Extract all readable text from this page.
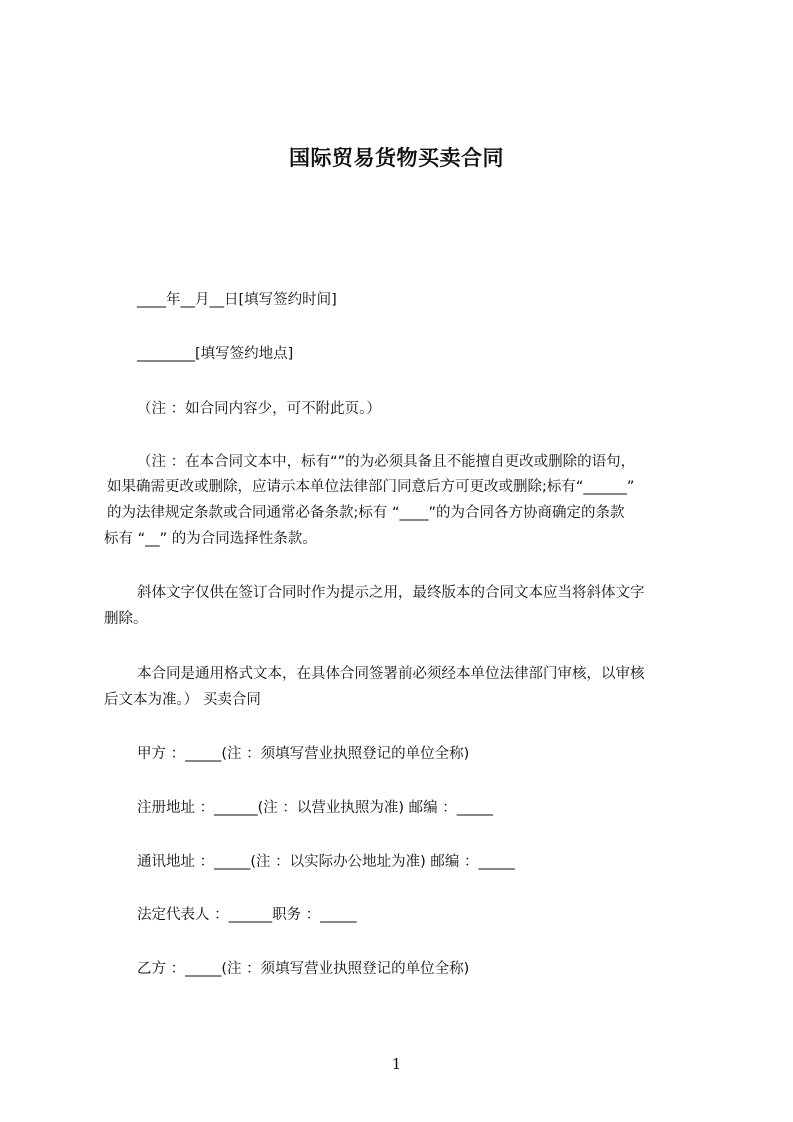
国际贸易货物买卖合同
____年__月__日[填写签约时间]
________[填写签约地点]
（注 ：如合同内容少，可不附此页。）
（注 ：在本合同文本中，标有“”的为必须具备且不能擅自更改或删除的语句，
如果确需更改或删除，应请示本单位法律部门同意后方可更改或删除;标有“______”
的为法律规定条款或合同通常必备条款;标有 “____”的为合同各方协商确定的条款
标有 “__” 的为合同选择性条款。
斜体文字仅供在签订合同时作为提示之用，最终版本的合同文本应当将斜体文字
删除。
本合同是通用格式文本，在具体合同签署前必须经本单位法律部门审核，以审核
后文本为准。） 买卖合同
甲方 ：_____(注 ：须填写营业执照登记的单位全称)
注册地址 ：______(注 ：以营业执照为准) 邮编 ：_____
通讯地址 ：_____(注 ：以实际办公地址为准) 邮编 ：_____
法定代表人 ：______职务 ：_____
乙方 ：_____(注 ：须填写营业执照登记的单位全称)
1
